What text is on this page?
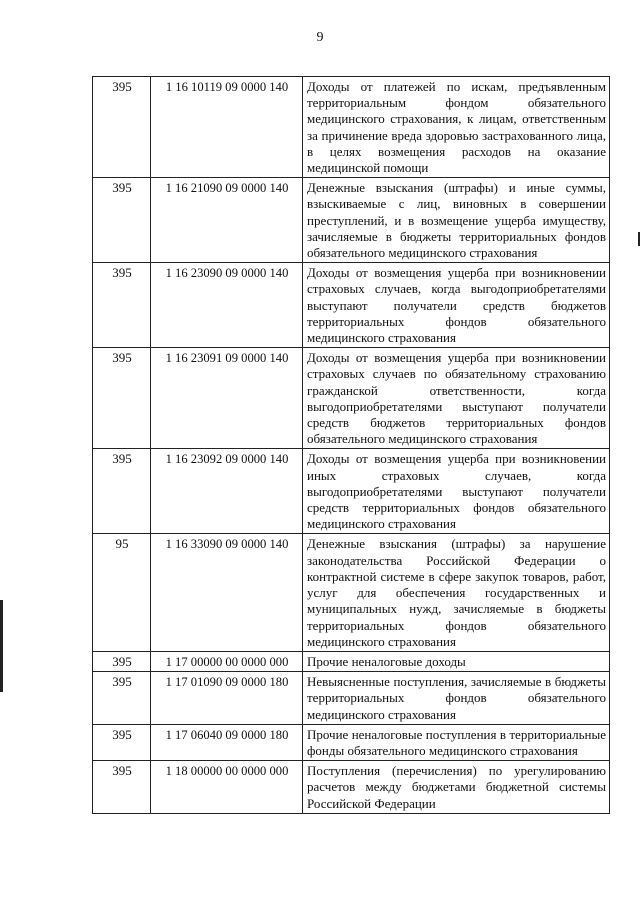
9
395	1 16 10119 09 0000 140	Доходы от платежей по искам, предъявленным территориальным фондом обязательного медицинского страхования, к лицам, ответственным за причинение вреда здоровью застрахованного лица, в целях возмещения расходов на оказание медицинской помощи
395	1 16 21090 09 0000 140	Денежные взыскания (штрафы) и иные суммы, взыскиваемые с лиц, виновных в совершении преступлений, и в возмещение ущерба имуществу, зачисляемые в бюджеты территориальных фондов обязательного медицинского страхования
395	1 16 23090 09 0000 140	Доходы от возмещения ущерба при возникновении страховых случаев, когда выгодоприобретателями выступают получатели средств бюджетов территориальных фондов обязательного медицинского страхования
395	1 16 23091 09 0000 140	Доходы от возмещения ущерба при возникновении страховых случаев по обязательному страхованию гражданской ответственности, когда выгодоприобретателями выступают получатели средств бюджетов территориальных фондов обязательного медицинского страхования
395	1 16 23092 09 0000 140	Доходы от возмещения ущерба при возникновении иных страховых случаев, когда выгодоприобретателями выступают получатели средств территориальных фондов обязательного медицинского страхования
95	1 16 33090 09 0000 140	Денежные взыскания (штрафы) за нарушение законодательства Российской Федерации о контрактной системе в сфере закупок товаров, работ, услуг для обеспечения государственных и муниципальных нужд, зачисляемые в бюджеты территориальных фондов обязательного медицинского страхования
395	1 17 00000 00 0000 000	Прочие неналоговые доходы
395	1 17 01090 09 0000 180	Невыясненные поступления, зачисляемые в бюджеты территориальных фондов обязательного медицинского страхования
395	1 17 06040 09 0000 180	Прочие неналоговые поступления в территориальные фонды обязательного медицинского страхования
395	1 18 00000 00 0000 000	Поступления (перечисления) по урегулированию расчетов между бюджетами бюджетной системы Российской Федерации
